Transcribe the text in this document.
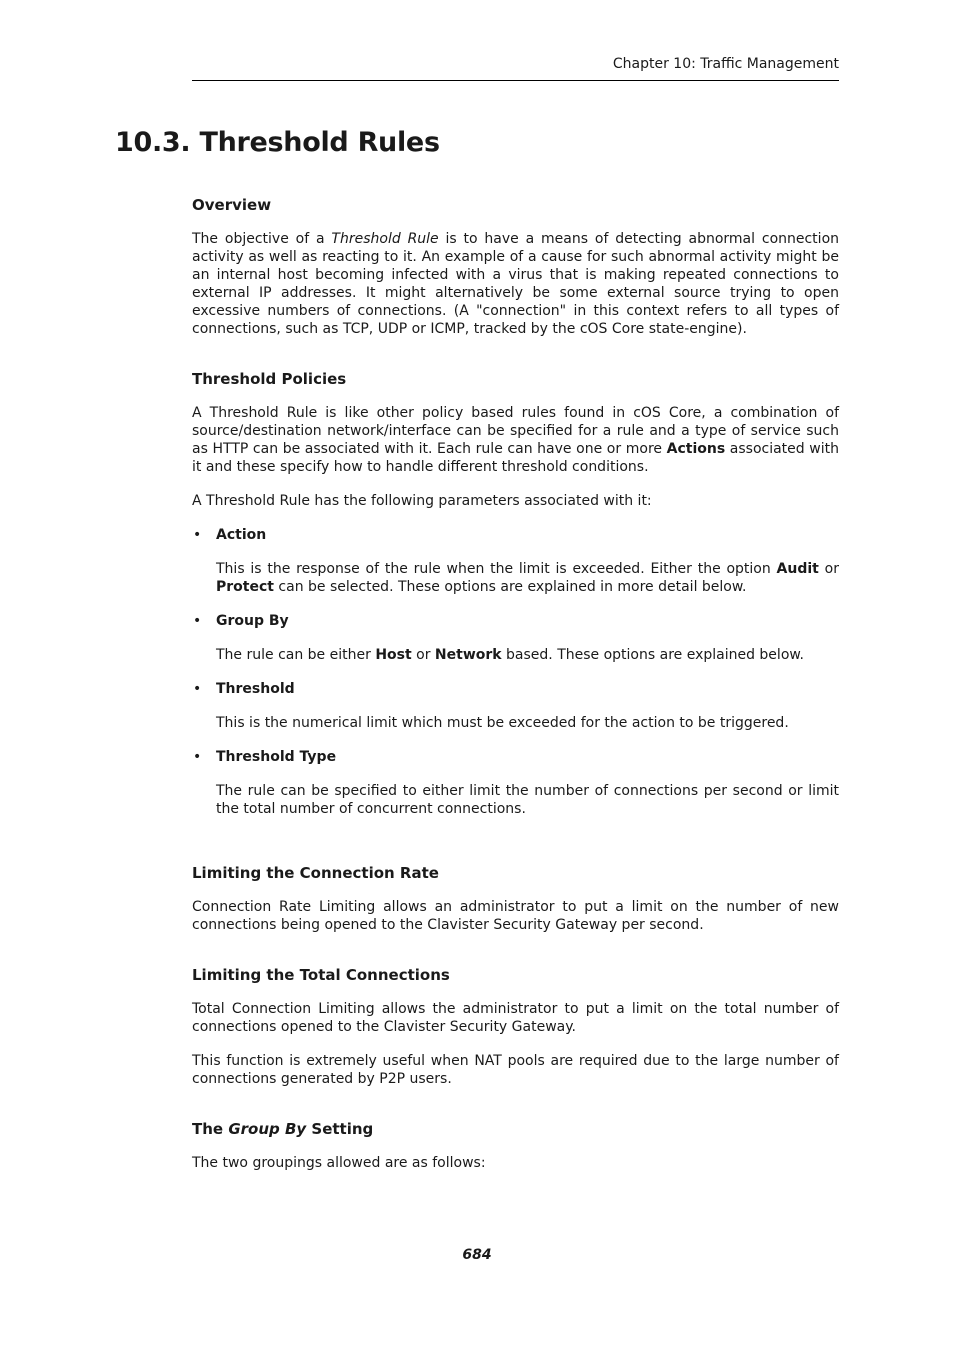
Chapter 10: Traffic Management
10.3. Threshold Rules
Overview

The objective of a Threshold Rule is to have a means of detecting abnormal connection activity as well as reacting to it. An example of a cause for such abnormal activity might be an internal host becoming infected with a virus that is making repeated connections to external IP addresses. It might alternatively be some external source trying to open excessive numbers of connections. (A "connection" in this context refers to all types of connections, such as TCP, UDP or ICMP, tracked by the cOS Core state-engine).

Threshold Policies

A Threshold Rule is like other policy based rules found in cOS Core, a combination of source/destination network/interface can be specified for a rule and a type of service such as HTTP can be associated with it. Each rule can have one or more Actions associated with it and these specify how to handle different threshold conditions.

A Threshold Rule has the following parameters associated with it:

• Action
This is the response of the rule when the limit is exceeded. Either the option Audit or Protect can be selected. These options are explained in more detail below.
• Group By
The rule can be either Host or Network based. These options are explained below.
• Threshold
This is the numerical limit which must be exceeded for the action to be triggered.
• Threshold Type
The rule can be specified to either limit the number of connections per second or limit the total number of concurrent connections.
Limiting the Connection Rate

Connection Rate Limiting allows an administrator to put a limit on the number of new connections being opened to the Clavister Security Gateway per second.

Limiting the Total Connections

Total Connection Limiting allows the administrator to put a limit on the total number of connections opened to the Clavister Security Gateway.

This function is extremely useful when NAT pools are required due to the large number of connections generated by P2P users.

The Group By Setting

The two groupings allowed are as follows:

684
